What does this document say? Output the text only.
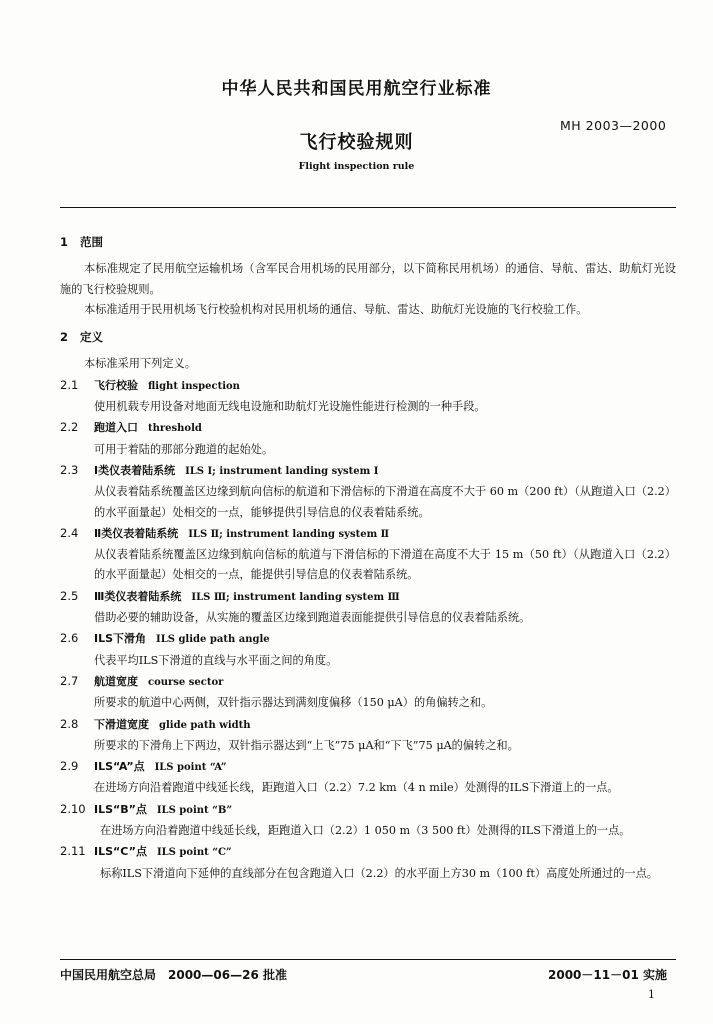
中华人民共和国民用航空行业标准
MH 2003—2000
飞行校验规则
Flight inspection rule
1 范围

本标准规定了民用航空运输机场（含军民合用机场的民用部分，以下简称民用机场）的通信、导航、雷达、助航灯光设施的飞行校验规则。

本标准适用于民用机场飞行校验机构对民用机场的通信、导航、雷达、助航灯光设施的飞行校验工作。

2 定义

本标准采用下列定义。

2.1 飞行校验 flight inspection
使用机载专用设备对地面无线电设施和助航灯光设施性能进行检测的一种手段。
2.2 跑道入口 threshold
可用于着陆的那部分跑道的起始处。
2.3 Ⅰ类仪表着陆系统 ILS Ⅰ; instrument landing system Ⅰ
从仪表着陆系统覆盖区边缘到航向信标的航道和下滑信标的下滑道在高度不大于 60 m（200 ft）（从跑道入口（2.2）的水平面量起）处相交的一点，能够提供引导信息的仪表着陆系统。
2.4 Ⅱ类仪表着陆系统 ILS Ⅱ; instrument landing system Ⅱ
从仪表着陆系统覆盖区边缘到航向信标的航道与下滑信标的下滑道在高度不大于 15 m（50 ft）（从跑道入口（2.2）的水平面量起）处相交的一点，能提供引导信息的仪表着陆系统。
2.5 Ⅲ类仪表着陆系统 ILS Ⅲ; instrument landing system Ⅲ
借助必要的辅助设备，从实施的覆盖区边缘到跑道表面能提供引导信息的仪表着陆系统。
2.6 ILS下滑角 ILS glide path angle
代表平均ILS下滑道的直线与水平面之间的角度。
2.7 航道宽度 course sector
所要求的航道中心两侧，双针指示器达到满刻度偏移（150 μA）的角偏转之和。
2.8 下滑道宽度 glide path width
所要求的下滑角上下两边，双针指示器达到“上飞”75 μA和“下飞”75 μA的偏转之和。
2.9 ILS“A”点 ILS point “A”
在进场方向沿着跑道中线延长线，距跑道入口（2.2）7.2 km（4 n mile）处测得的ILS下滑道上的一点。
2.10 ILS“B”点 ILS point “B”
在进场方向沿着跑道中线延长线，距跑道入口（2.2）1 050 m（3 500 ft）处测得的ILS下滑道上的一点。
2.11 ILS“C”点 ILS point “C”
标称ILS下滑道向下延伸的直线部分在包含跑道入口（2.2）的水平面上方30 m（100 ft）高度处所通过的一点。
中国民用航空总局　2000—06—26 批准	2000－11－01 实施
1
